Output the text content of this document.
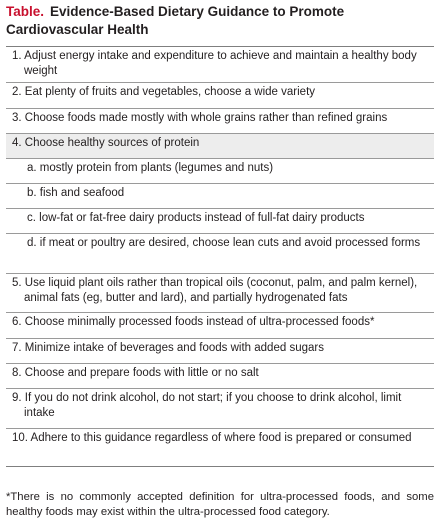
Table. Evidence-Based Dietary Guidance to Promote Cardiovascular Health
1. Adjust energy intake and expenditure to achieve and maintain a healthy body weight
2. Eat plenty of fruits and vegetables, choose a wide variety
3. Choose foods made mostly with whole grains rather than refined grains
4. Choose healthy sources of protein
a. mostly protein from plants (legumes and nuts)
b. fish and seafood
c. low-fat or fat-free dairy products instead of full-fat dairy products
d. if meat or poultry are desired, choose lean cuts and avoid processed forms
5. Use liquid plant oils rather than tropical oils (coconut, palm, and palm kernel), animal fats (eg, butter and lard), and partially hydrogenated fats
6. Choose minimally processed foods instead of ultra-processed foods*
7. Minimize intake of beverages and foods with added sugars
8. Choose and prepare foods with little or no salt
9. If you do not drink alcohol, do not start; if you choose to drink alcohol, limit intake
10. Adhere to this guidance regardless of where food is prepared or consumed
*There is no commonly accepted definition for ultra-processed foods, and some healthy foods may exist within the ultra-processed food category.
